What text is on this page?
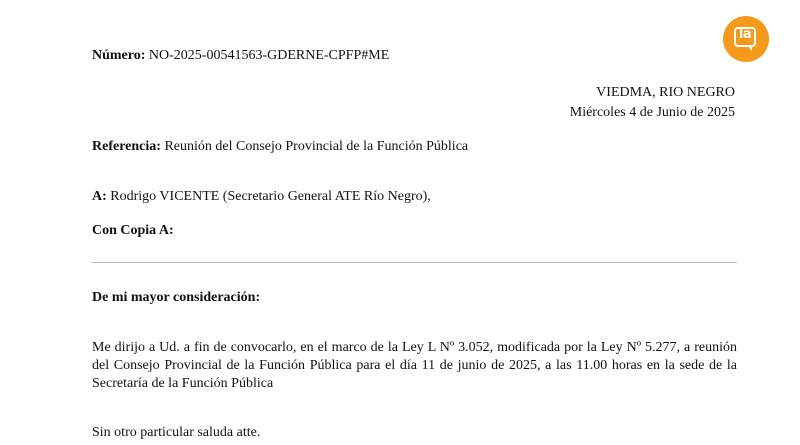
la
Número: NO-2025-00541563-GDERNE-CPFP#ME
VIEDMA, RIO NEGRO
Miércoles 4 de Junio de 2025
Referencia: Reunión del Consejo Provincial de la Función Pública
A: Rodrigo VICENTE (Secretario General ATE Río Negro),
Con Copia A:
De mi mayor consideración:
Me dirijo a Ud. a fin de convocarlo, en el marco de la Ley L Nº 3.052, modificada por la Ley Nº 5.277, a reunión del Consejo Provincial de la Función Pública para el día 11 de junio de 2025, a las 11.00 horas en la sede de la Secretaría de la Función Pública
Sin otro particular saluda atte.
